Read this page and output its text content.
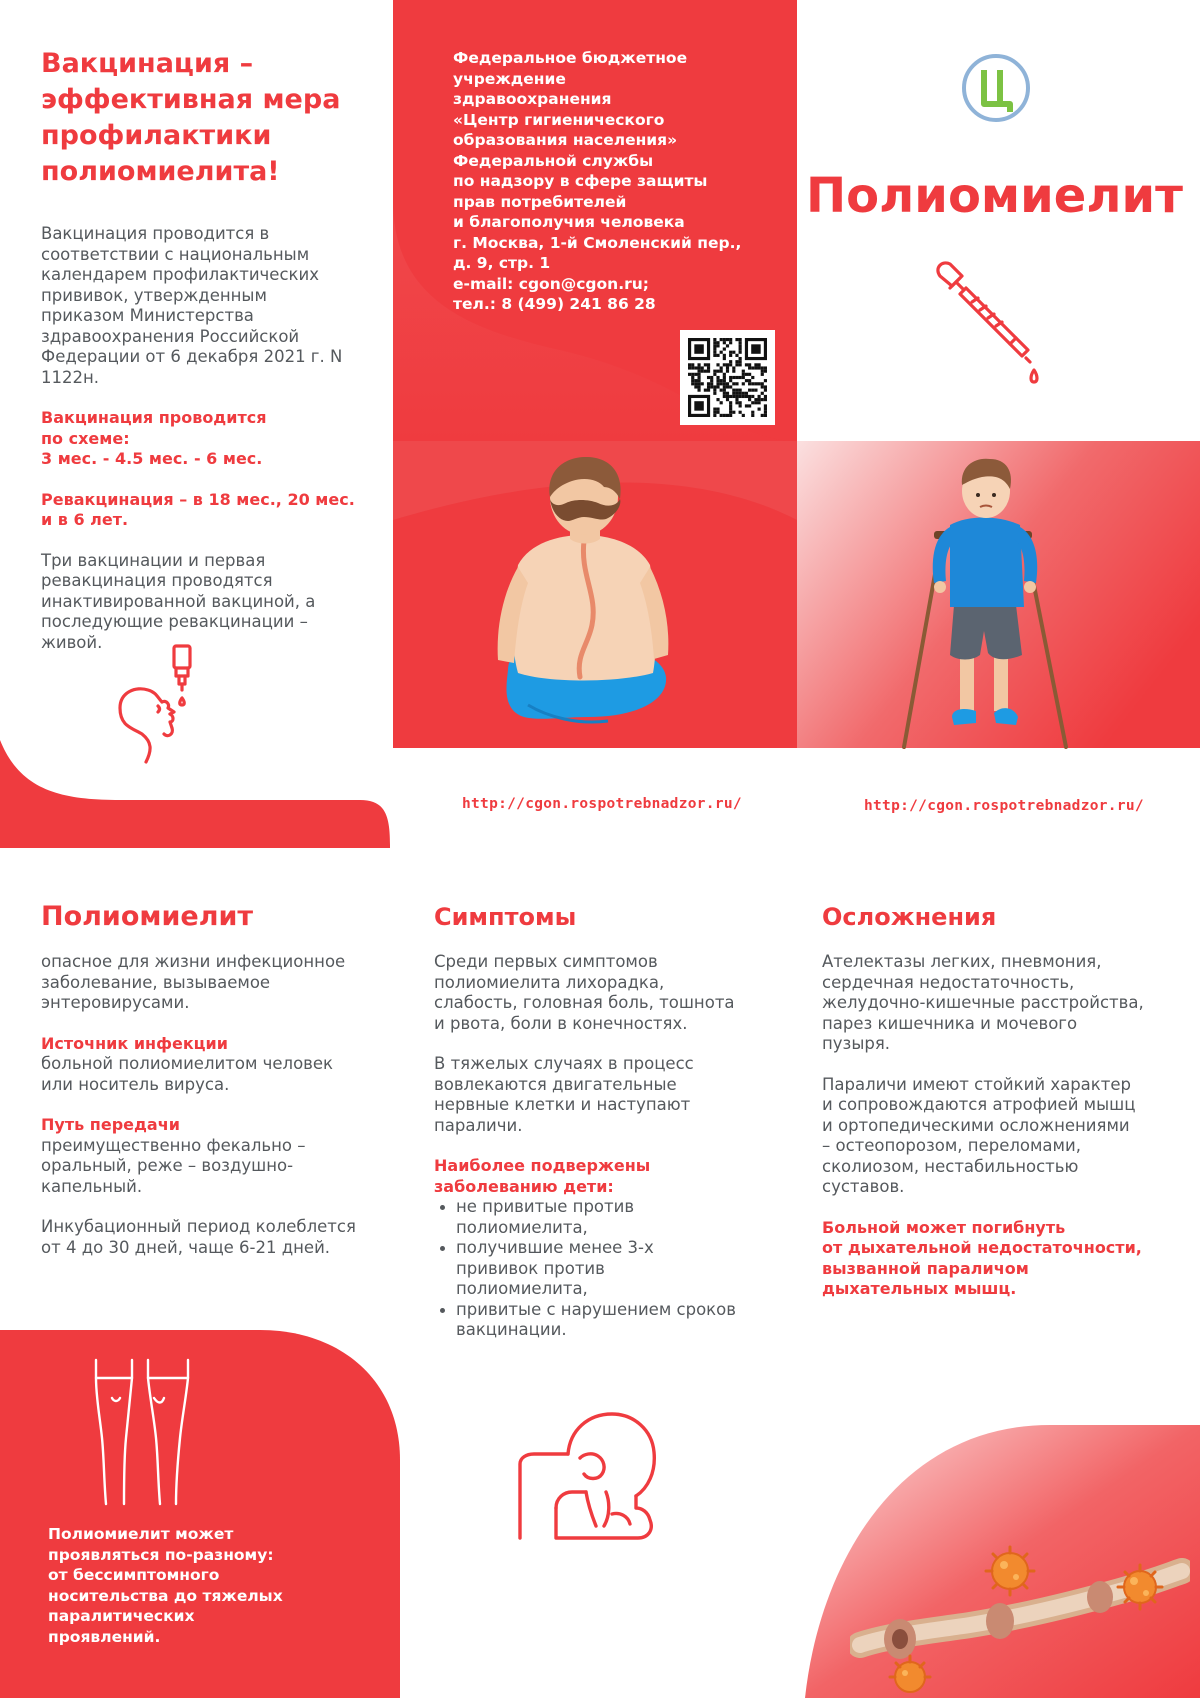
Вакцинация –
эффективная мера
профилактики
полиомиелита!
Вакцинация проводится в
соответствии с национальным
календарем профилактических
прививок, утвержденным
приказом Министерства
здравоохранения Российской
Федерации от 6 декабря 2021 г. N
1122н.
Вакцинация проводится
по схеме:
3 мес. - 4.5 мес. - 6 мес.
Ревакцинация – в 18 мес., 20 мес.
и в 6 лет.
Три вакцинации и первая
ревакцинация проводятся
инактивированной вакциной, а
последующие ревакцинации –
живой.
Федеральное бюджетное
учреждение
здравоохранения
«Центр гигиенического
образования населения»
Федеральной службы
по надзору в сфере защиты
прав потребителей
и благополучия человека
г. Москва, 1-й Смоленский пер.,
д. 9, стр. 1
e-mail: cgon@cgon.ru;
тел.: 8 (499) 241 86 28
Полиомиелит
http://cgon.rospotrebnadzor.ru/	http://cgon.rospotrebnadzor.ru/
Полиомиелит
опасное для жизни инфекционное
заболевание, вызываемое
энтеровирусами.
Источник инфекции
больной полиомиелитом человек
или носитель вируса.
Путь передачи
преимущественно фекально –
оральный, реже – воздушно-
капельный.
Инкубационный период колеблется
от 4 до 30 дней, чаще 6-21 дней.
Полиомиелит может
проявляться по-разному:
от бессимптомного
носительства до тяжелых
паралитических
проявлений.
Симптомы
Среди первых симптомов
полиомиелита лихорадка,
слабость, головная боль, тошнота
и рвота, боли в конечностях.
В тяжелых случаях в процесс
вовлекаются двигательные
нервные клетки и наступают
параличи.
Наиболее подвержены
заболеванию дети:
не привитые против
полиомиелита,
получившие менее 3-х
прививок против
полиомиелита,
привитые с нарушением сроков
вакцинации.
Осложнения
Ателектазы легких, пневмония,
сердечная недостаточность,
желудочно-кишечные расстройства,
парез кишечника и мочевого
пузыря.
Параличи имеют стойкий характер
и сопровождаются атрофией мышц
и ортопедическими осложнениями
– остеопорозом, переломами,
сколиозом, нестабильностью
суставов.
Больной может погибнуть
от дыхательной недостаточности,
вызванной параличом
дыхательных мышц.
